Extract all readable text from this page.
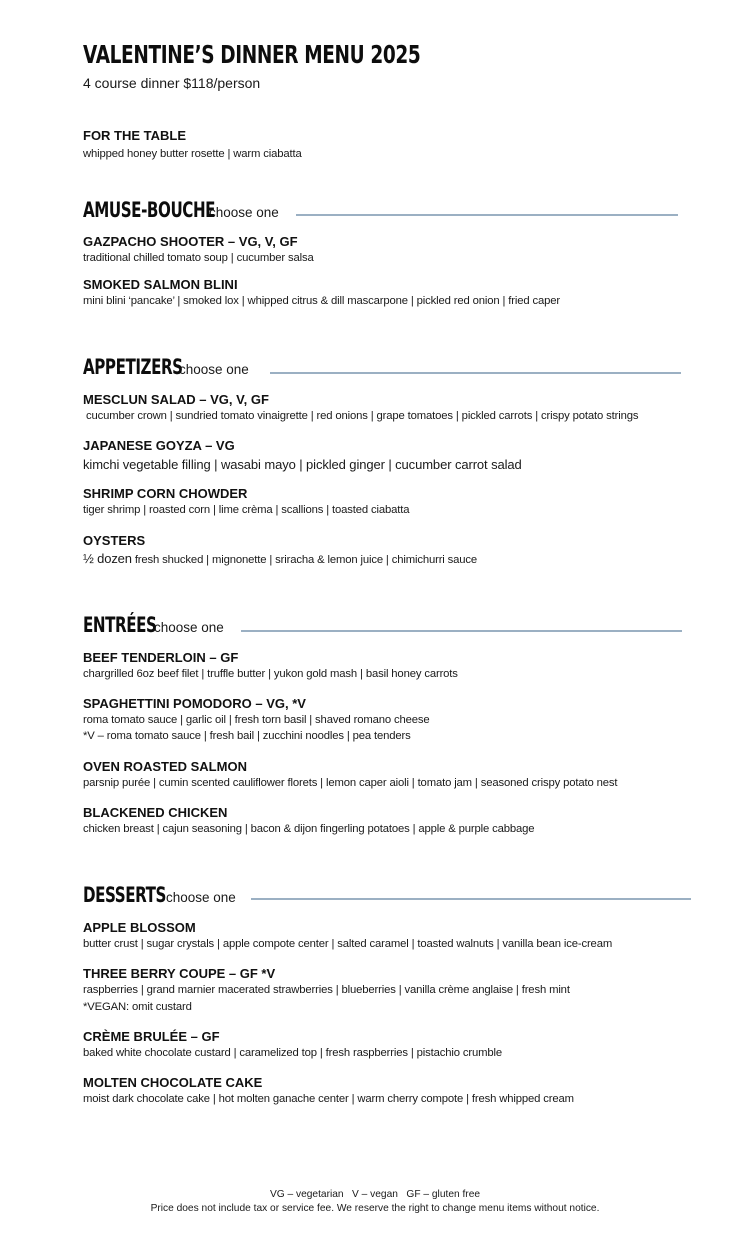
VALENTINE’S DINNER MENU 2025
4 course dinner $118/person
FOR THE TABLE
whipped honey butter rosette | warm ciabatta
AMUSE-BOUCHE
choose one
GAZPACHO SHOOTER – VG, V, GF
traditional chilled tomato soup | cucumber salsa
SMOKED SALMON BLINI
mini blini ‘pancake’ | smoked lox | whipped citrus & dill mascarpone | pickled red onion | fried caper
APPETIZERS
choose one
MESCLUN SALAD – VG, V, GF
cucumber crown | sundried tomato vinaigrette | red onions | grape tomatoes | pickled carrots | crispy potato strings
JAPANESE GOYZA – VG
kimchi vegetable filling | wasabi mayo | pickled ginger | cucumber carrot salad
SHRIMP CORN CHOWDER
tiger shrimp | roasted corn | lime crèma | scallions | toasted ciabatta
OYSTERS
½ dozen fresh shucked | mignonette | sriracha & lemon juice | chimichurri sauce
ENTRÉES
choose one
BEEF TENDERLOIN – GF
chargrilled 6oz beef filet | truffle butter | yukon gold mash | basil honey carrots
SPAGHETTINI POMODORO – VG, *V
roma tomato sauce | garlic oil | fresh torn basil | shaved romano cheese
*V – roma tomato sauce | fresh bail | zucchini noodles | pea tenders
OVEN ROASTED SALMON
parsnip purée | cumin scented cauliflower florets | lemon caper aioli | tomato jam | seasoned crispy potato nest
BLACKENED CHICKEN
chicken breast | cajun seasoning | bacon & dijon fingerling potatoes | apple & purple cabbage
DESSERTS choose one
APPLE BLOSSOM
butter crust | sugar crystals | apple compote center | salted caramel | toasted walnuts | vanilla bean ice-cream
THREE BERRY COUPE – GF *V
raspberries | grand marnier macerated strawberries | blueberries | vanilla crème anglaise | fresh mint
*VEGAN: omit custard
CRÈME BRULÉE – GF
baked white chocolate custard | caramelized top | fresh raspberries | pistachio crumble
MOLTEN CHOCOLATE CAKE
moist dark chocolate cake | hot molten ganache center | warm cherry compote | fresh whipped cream
VG – vegetarian   V – vegan   GF – gluten free
Price does not include tax or service fee. We reserve the right to change menu items without notice.
